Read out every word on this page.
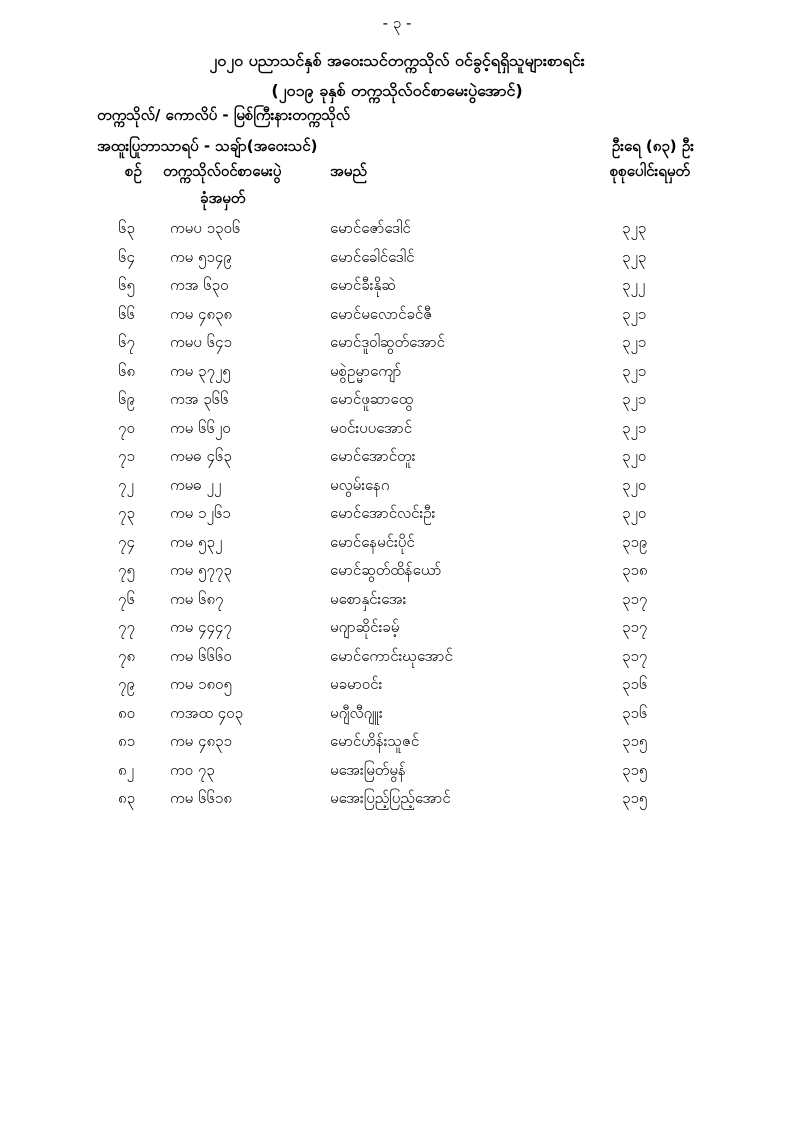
- ၃ -
၂၀၂၀ ပညာသင်နှစ် အဝေးသင်တက္ကသိုလ် ဝင်ခွင့်ရရှိသူများစာရင်း
(၂၀၁၉ ခုနှစ် တက္ကသိုလ်ဝင်စာမေးပွဲအောင်)
တက္ကသိုလ်/ ကောလိပ် - မြစ်ကြီးနားတက္ကသိုလ်
အထူးပြုဘာသာရပ် - သချ်ာ(အဝေးသင်)	ဦးရေ (၈၃) ဦး
စဉ် တက္ကသိုလ်ဝင်စာမေးပွဲ
ခုံအမှတ်
အမည်	စုစုပေါင်းရမှတ်
၆၃ ကမပ ၁၃၀၆	မောင်ဇော်ဒေါင်	၃၂၃
၆၄ ကမ ၅၁၄၉	မောင်ခေါင်ဒေါင်	၃၂၃
၆၅ ကအ ၆၃၀	မောင်ခီးနိုဆဲ	၃၂၂
၆၆ ကမ ၄၈၃၈	မောင်မလောင်ခင်ဇီ	၃၂၁
၆၇ ကမပ ၆၄၁	မောင်ဒူဝါဆွတ်အောင်	၃၂၁
၆၈ ကမ ၃၇၂၅	မစွဲဥမ္မာကျော်	၃၂၁
၆၉ ကအ ၃၆၆	မောင်ဖူဆာထွေ	၃၂၁
၇၀ ကမ ၆၆၂၀	မဝင်းပပအောင်	၃၂၁
၇၁ ကမဓ ၄၆၃	မောင်အောင်တူး	၃၂၀
၇၂ ကမဓ ၂၂	မလွမ်းနေဂ	၃၂၀
၇၃ ကမ ၁၂၆၁	မောင်အောင်လင်းဦး	၃၂၀
၇၄ ကမ ၅၃၂	မောင်နေမင်းပိုင်	၃၁၉
၇၅ ကမ ၅၇၇၃	မောင်ဆွတ်ထိန်ယော်	၃၁၈
၇၆ ကမ ၆၈၇	မစောနှင်းအေး	၃၁၇
၇၇ ကမ ၄၄၄၇	မဂျာဆိုင်းခမ့်	၃၁၇
၇၈ ကမ ၆၆၆၀	မောင်ကောင်းဃုအောင်	၃၁၇
၇၉ ကမ ၁၈၀၅	မခမာဝင်း	၃၁၆
၈၀ ကအထ ၄၀၃	မဂျီလီဂျူး	၃၁၆
၈၁ ကမ ၄၈၃၁	မောင်ဟိန်းသူဇင်	၃၁၅
၈၂ ကဝ ၇၃	မအေးမြတ်မွန်	၃၁၅
၈၃ ကမ ၆၆၁၈	မအေးပြည့်ပြည့်အောင်	၃၁၅
